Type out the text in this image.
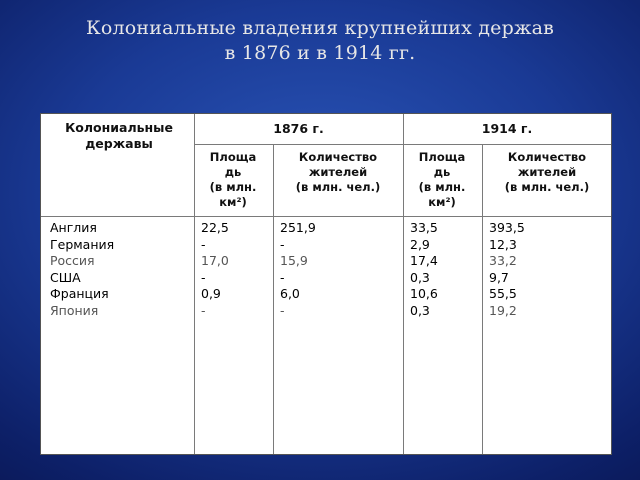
Колониальные владения крупнейших держав
в 1876 и в 1914 гг.
Колониальные державы
1876 г.	1914 г.
Площа
дь
(в млн.
км²)
Количество
жителей
(в млн. чел.)
Площа
дь
(в млн.
км²)
Количество
жителей
(в млн. чел.)
Англия
Германия
Россия
США
Франция
Япония
22,5
-
17,0
-
0,9
-
251,9
-
15,9
-
6,0
-
33,5
2,9
17,4
0,3
10,6
0,3
393,5
12,3
33,2
9,7
55,5
19,2
